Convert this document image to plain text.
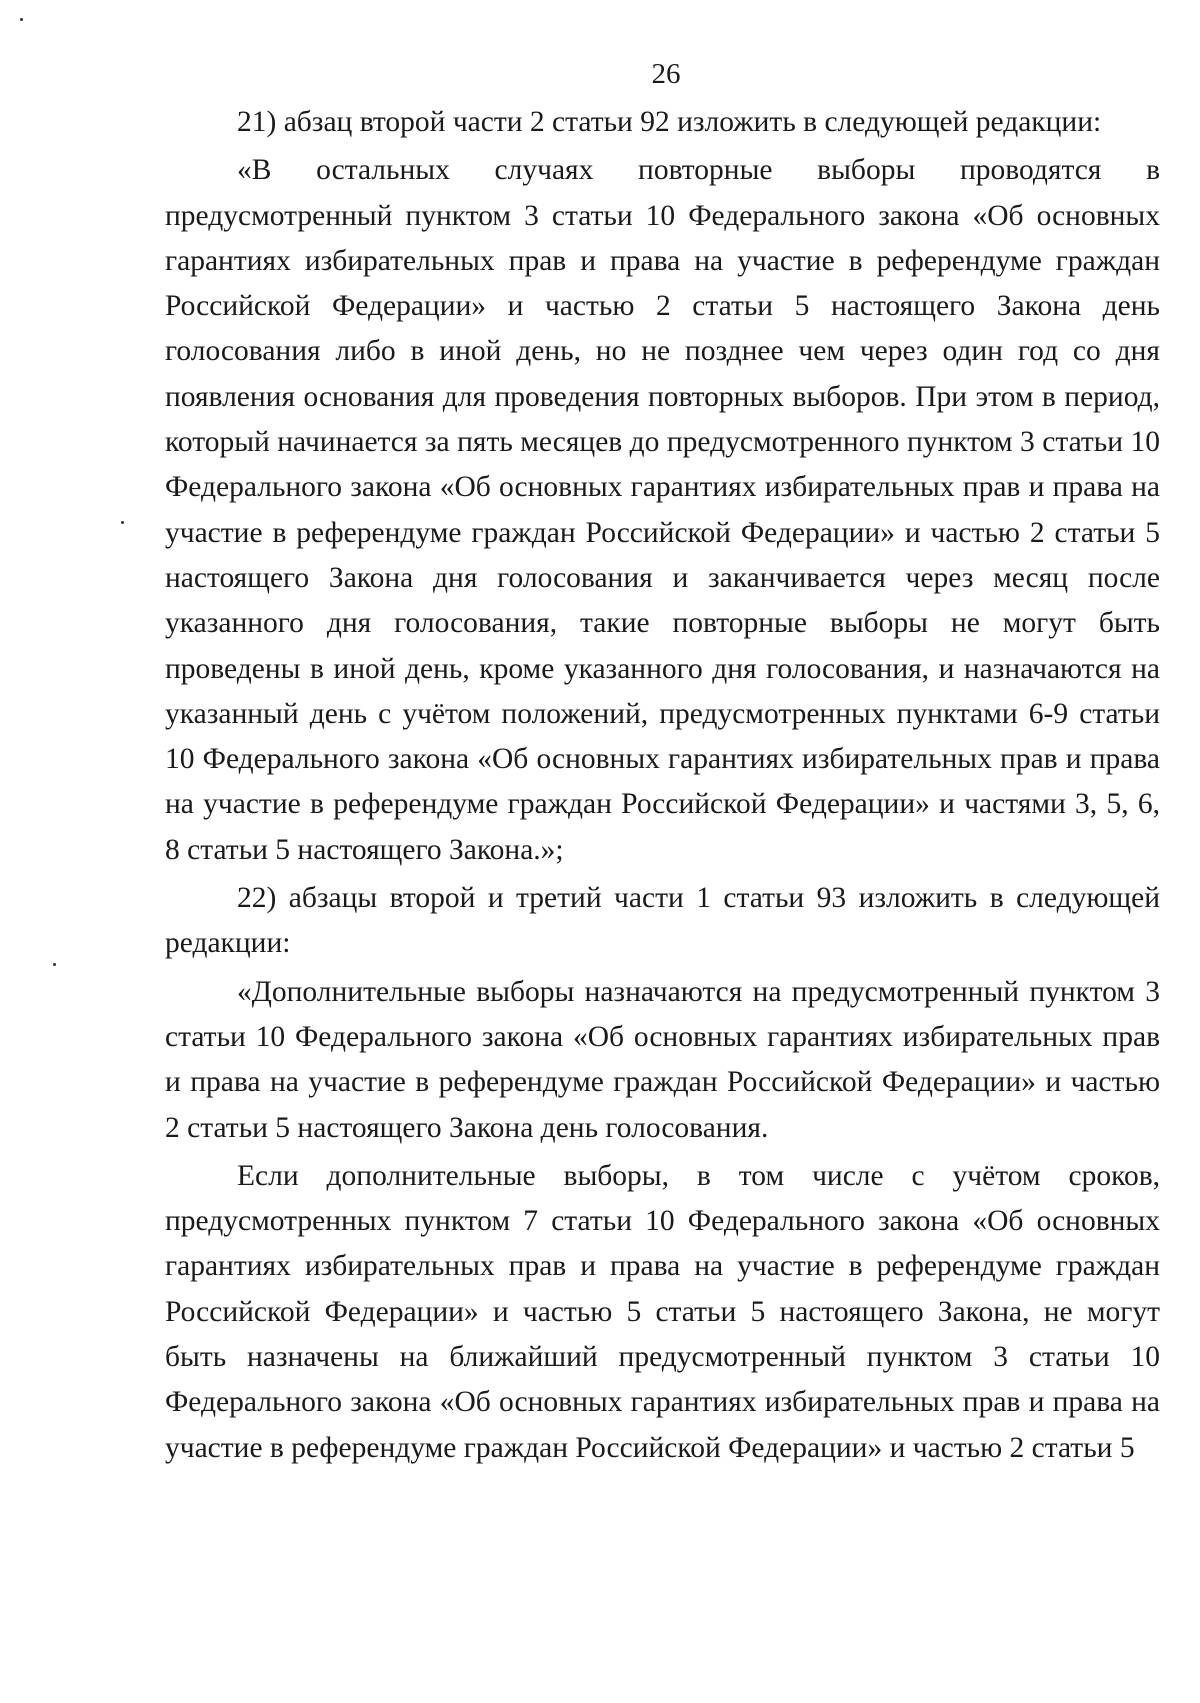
26

21) абзац второй части 2 статьи 92 изложить в следующей редакции:

«В остальных случаях повторные выборы проводятся в предусмотренный пунктом 3 статьи 10 Федерального закона «Об основных гарантиях избирательных прав и права на участие в референдуме граждан Российской Федерации» и частью 2 статьи 5 настоящего Закона день голосования либо в иной день, но не позднее чем через один год со дня появления основания для проведения повторных выборов. При этом в период, который начинается за пять месяцев до предусмотренного пунктом 3 статьи 10 Федерального закона «Об основных гарантиях избирательных прав и права на участие в референдуме граждан Российской Федерации» и частью 2 статьи 5 настоящего Закона дня голосования и заканчивается через месяц после указанного дня голосования, такие повторные выборы не могут быть проведены в иной день, кроме указанного дня голосования, и назначаются на указанный день с учётом положений, предусмотренных пунктами 6-9 статьи 10 Федерального закона «Об основных гарантиях избирательных прав и права на участие в референдуме граждан Российской Федерации» и частями 3, 5, 6, 8 статьи 5 настоящего Закона.»;

22) абзацы второй и третий части 1 статьи 93 изложить в следующей редакции:

«Дополнительные выборы назначаются на предусмотренный пунктом 3 статьи 10 Федерального закона «Об основных гарантиях избирательных прав и права на участие в референдуме граждан Российской Федерации» и частью 2 статьи 5 настоящего Закона день голосования.

Если дополнительные выборы, в том числе с учётом сроков, предусмотренных пунктом 7 статьи 10 Федерального закона «Об основных гарантиях избирательных прав и права на участие в референдуме граждан Российской Федерации» и частью 5 статьи 5 настоящего Закона, не могут быть назначены на ближайший предусмотренный пунктом 3 статьи 10 Федерального закона «Об основных гарантиях избирательных прав и права на участие в референдуме граждан Российской Федерации» и частью 2 статьи 5
